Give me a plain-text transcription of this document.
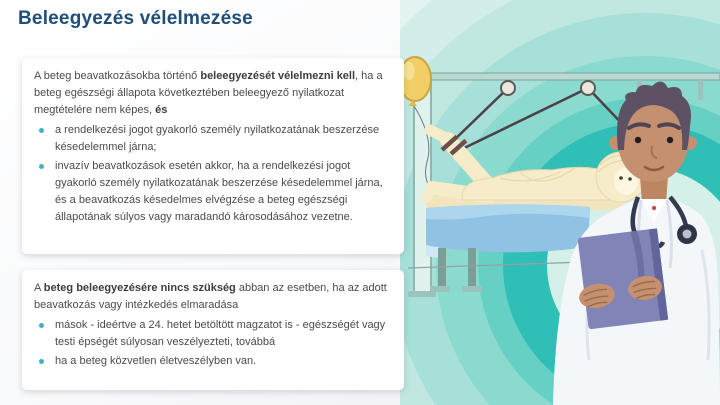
Beleegyezés vélelmezése

A beteg beavatkozásokba történő beleegyezését vélelmezni kell, ha a beteg egészségi állapota következtében beleegyező nyilatkozat megtételére nem képes, és

a rendelkezési jogot gyakorló személy nyilatkozatának beszerzése késedelemmel járna;
invazív beavatkozások esetén akkor, ha a rendelkezési jogot gyakorló személy nyilatkozatának beszerzése késedelemmel járna, és a beavatkozás késedelmes elvégzése a beteg egészségi állapotának súlyos vagy maradandó károsodásához vezetne.

A beteg beleegyezésére nincs szükség abban az esetben, ha az adott beavatkozás vagy intézkedés elmaradása

mások - ideértve a 24. hetet betöltött magzatot is - egészségét vagy testi épségét súlyosan veszélyezteti, továbbá
ha a beteg közvetlen életveszélyben van.
